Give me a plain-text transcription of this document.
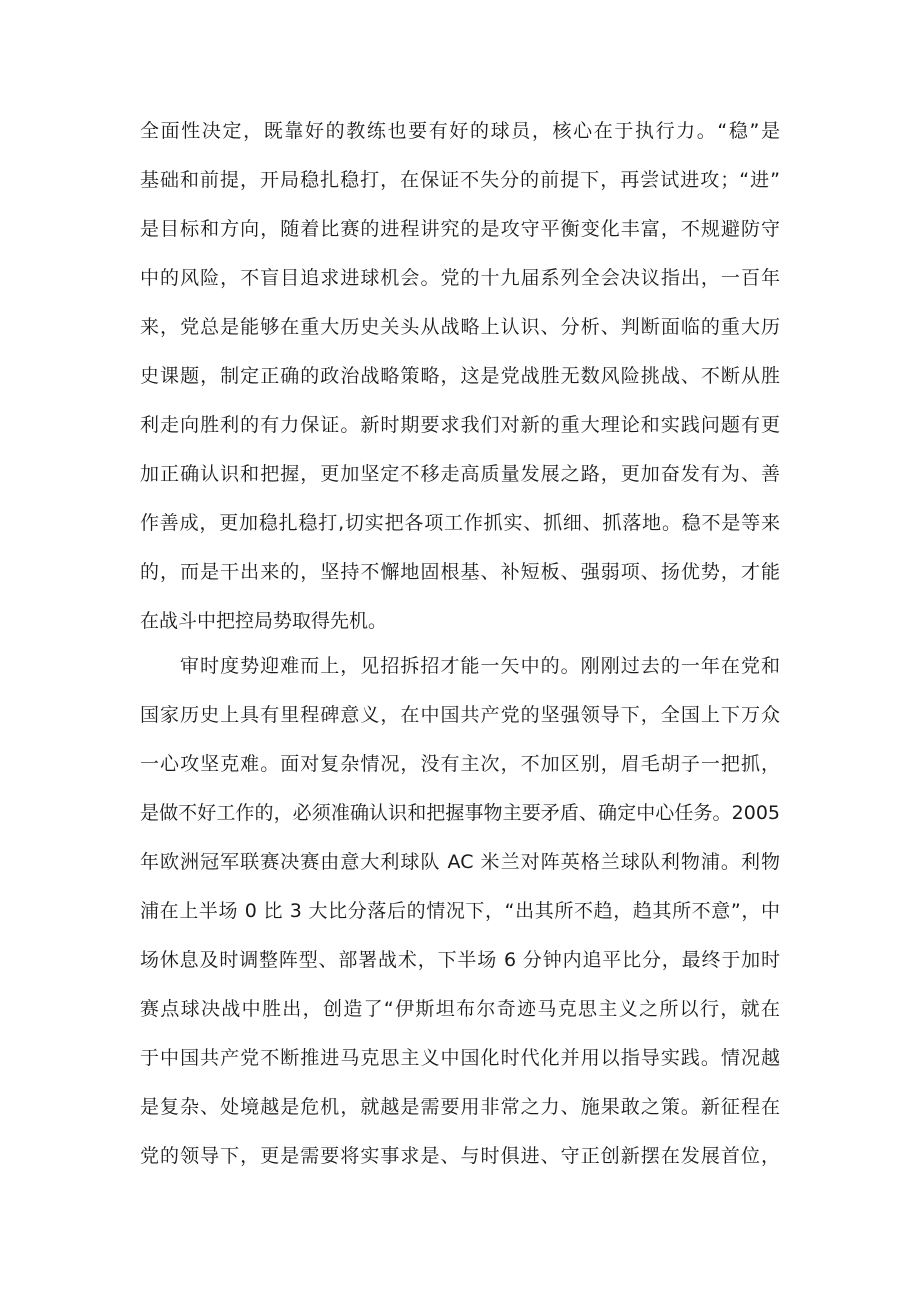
全面性决定，既靠好的教练也要有好的球员，核心在于执行力。“稳”是
基础和前提，开局稳扎稳打，在保证不失分的前提下，再尝试进攻；“进”
是目标和方向，随着比赛的进程讲究的是攻守平衡变化丰富，不规避防守
中的风险，不盲目追求进球机会。党的十九届系列全会决议指出，一百年
来，党总是能够在重大历史关头从战略上认识、分析、判断面临的重大历
史课题，制定正确的政治战略策略，这是党战胜无数风险挑战、不断从胜
利走向胜利的有力保证。新时期要求我们对新的重大理论和实践问题有更
加正确认识和把握，更加坚定不移走高质量发展之路，更加奋发有为、善
作善成，更加稳扎稳打,切实把各项工作抓实、抓细、抓落地。稳不是等来
的，而是干出来的，坚持不懈地固根基、补短板、强弱项、扬优势，才能
在战斗中把控局势取得先机。
审时度势迎难而上，见招拆招才能一矢中的。刚刚过去的一年在党和
国家历史上具有里程碑意义，在中国共产党的坚强领导下，全国上下万众
一心攻坚克难。面对复杂情况，没有主次，不加区别，眉毛胡子一把抓，
是做不好工作的，必须准确认识和把握事物主要矛盾、确定中心任务。2005
年欧洲冠军联赛决赛由意大利球队 AC 米兰对阵英格兰球队利物浦。利物
浦在上半场 0 比 3 大比分落后的情况下，“出其所不趋，趋其所不意”，中
场休息及时调整阵型、部署战术，下半场 6 分钟内追平比分，最终于加时
赛点球决战中胜出，创造了“伊斯坦布尔奇迹马克思主义之所以行，就在
于中国共产党不断推进马克思主义中国化时代化并用以指导实践。情况越
是复杂、处境越是危机，就越是需要用非常之力、施果敢之策。新征程在
党的领导下，更是需要将实事求是、与时俱进、守正创新摆在发展首位，
